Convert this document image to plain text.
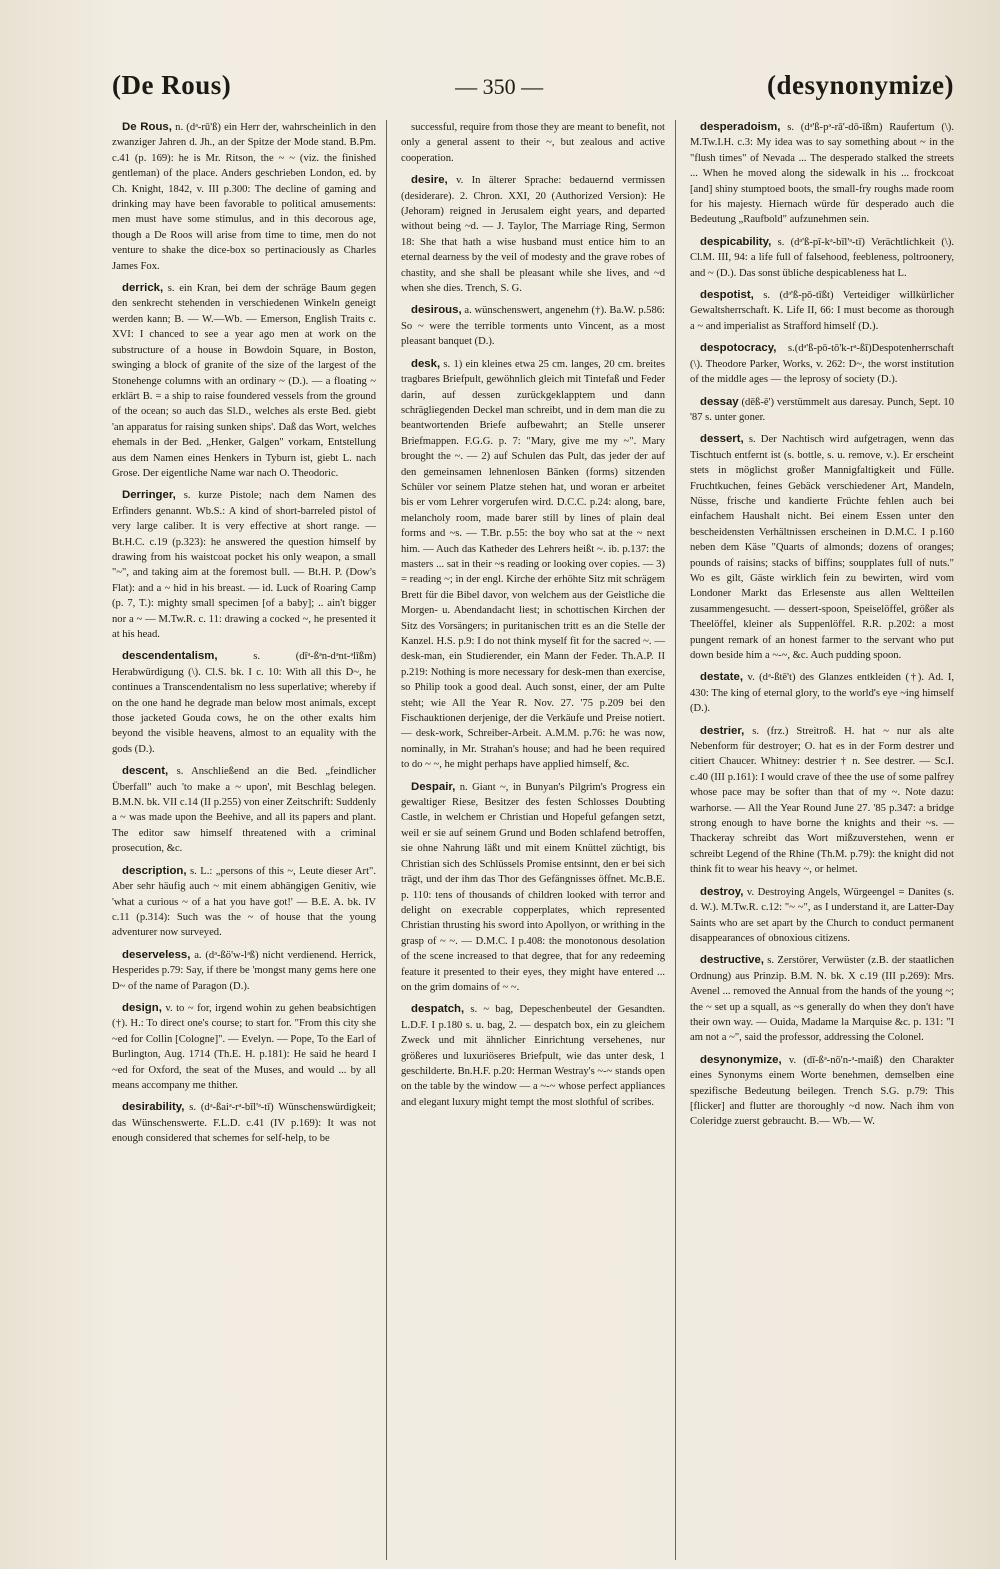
(De Rous)	— 350 —	(desynonymize)

De Rous, n. (dᵊ-rū'ß) ein Herr der, wahrscheinlich in den zwanziger Jahren d. Jh., an der Spitze der Mode stand. B.Pm. c.41 (p. 169): he is Mr. Ritson, the ~ ~ (viz. the finished gentleman) of the place. Anders geschrieben London, ed. by Ch. Knight, 1842, v. III p.300: The decline of gaming and drinking may have been favorable to political amusements: men must have some stimulus, and in this decorous age, though a De Roos will arise from time to time, men do not venture to shake the dice-box so pertinaciously as Charles James Fox.

derrick, s. ein Kran, bei dem der schräge Baum gegen den senkrecht stehenden in verschiedenen Winkeln geneigt werden kann; B. — W.—Wb. — Emerson, English Traits c. XVI: I chanced to see a year ago men at work on the substructure of a house in Bowdoin Square, in Boston, swinging a block of granite of the size of the largest of the Stonehenge columns with an ordinary ~ (D.). — a floating ~ erklärt B. = a ship to raise foundered vessels from the ground of the ocean; so auch das Sl.D., welches als erste Bed. giebt 'an apparatus for raising sunken ships'. Daß das Wort, welches ehemals in der Bed. „Henker, Galgen" vorkam, Entstellung aus dem Namen eines Henkers in Tyburn ist, giebt L. nach Grose. Der eigentliche Name war nach O. Theodoric.

Derringer, s. kurze Pistole; nach dem Namen des Erfinders genannt. Wb.S.: A kind of short-barreled pistol of very large caliber. It is very effective at short range. — Bt.H.C. c.19 (p.323): he answered the question himself by drawing from his waistcoat pocket his only weapon, a small "~", and taking aim at the foremost bull. — Bt.H. P. (Dow's Flat): and a ~ hid in his breast. — id. Luck of Roaring Camp (p. 7, T.): mighty small specimen [of a baby]; .. ain't bigger nor a ~ — M.Tw.R. c. 11: drawing a cocked ~, he presented it at his head.

descendentalism, s. (dīᵊ-ßᵊn-dᵊnt-ᵊlīßm) Herabwürdigung (\). Cl.S. bk. I c. 10: With all this D~, he continues a Transcendentalism no less superlative; whereby if on the one hand he degrade man below most animals, except those jacketed Gouda cows, he on the other exalts him beyond the visible heavens, almost to an equality with the gods (D.).

descent, s. Anschließend an die Bed. „feindlicher Überfall" auch 'to make a ~ upon', mit Beschlag belegen. B.M.N. bk. VII c.14 (II p.255) von einer Zeitschrift: Suddenly a ~ was made upon the Beehive, and all its papers and plant. The editor saw himself threatened with a criminal prosecution, &c.

description, s. L.: „persons of this ~, Leute dieser Art". Aber sehr häufig auch ~ mit einem abhängigen Genitiv, wie 'what a curious ~ of a hat you have got!' — B.E. A. bk. IV c.11 (p.314): Such was the ~ of house that the young adventurer now surveyed.

deserveless, a. (dᵊ-ßö'w-lᵊß) nicht verdienend. Herrick, Hesperides p.79: Say, if there be 'mongst many gems here one D~ of the name of Paragon (D.).

design, v. to ~ for, irgend wohin zu gehen beabsichtigen (†). H.: To direct one's course; to start for. "From this city she ~ed for Collin [Cologne]". — Evelyn. — Pope, To the Earl of Burlington, Aug. 1714 (Th.E. H. p.181): He said he heard I ~ed for Oxford, the seat of the Muses, and would ... by all means accompany me thither.

desirability, s. (dᵊ-ßaiᵊ-rᵊ-bīl'ᵊ-tī) Wünschenswürdigkeit; das Wünschenswerte. F.L.D. c.41 (IV p.169): It was not enough considered that schemes for self-help, to be

successful, require from those they are meant to benefit, not only a general assent to their ~, but zealous and active cooperation.

desire, v. In älterer Sprache: bedauernd vermissen (desiderare). 2. Chron. XXI, 20 (Authorized Version): He (Jehoram) reigned in Jerusalem eight years, and departed without being ~d. — J. Taylor, The Marriage Ring, Sermon 18: She that hath a wise husband must entice him to an eternal dearness by the veil of modesty and the grave robes of chastity, and she shall be pleasant while she lives, and ~d when she dies. Trench, S. G.

desirous, a. wünschenswert, angenehm (†). Ba.W. p.586: So ~ were the terrible torments unto Vincent, as a most pleasant banquet (D.).

desk, s. 1) ein kleines etwa 25 cm. langes, 20 cm. breites tragbares Briefpult, gewöhnlich gleich mit Tintefaß und Feder darin, auf dessen zurückgeklapptem und dann schrägliegenden Deckel man schreibt, und in dem man die zu beantwortenden Briefe aufbewahrt; an Stelle unserer Briefmappen. F.G.G. p. 7: "Mary, give me my ~". Mary brought the ~. — 2) auf Schulen das Pult, das jeder der auf den gemeinsamen lehnenlosen Bänken (forms) sitzenden Schüler vor seinem Platze stehen hat, und woran er arbeitet bis er vom Lehrer vorgerufen wird. D.C.C. p.24: along, bare, melancholy room, made barer still by lines of plain deal forms and ~s. — T.Br. p.55: the boy who sat at the ~ next him. — Auch das Katheder des Lehrers heißt ~. ib. p.137: the masters ... sat in their ~s reading or looking over copies. — 3) = reading ~; in der engl. Kirche der erhöhte Sitz mit schrägem Brett für die Bibel davor, von welchem aus der Geistliche die Morgen- u. Abendandacht liest; in schottischen Kirchen der Sitz des Vorsängers; in puritanischen tritt es an die Stelle der Kanzel. H.S. p.9: I do not think myself fit for the sacred ~. — desk-man, ein Studierender, ein Mann der Feder. Th.A.P. II p.219: Nothing is more necessary for desk-men than exercise, so Philip took a good deal. Auch sonst, einer, der am Pulte steht; wie All the Year R. Nov. 27. '75 p.209 bei den Fischauktionen derjenige, der die Verkäufe und Preise notiert. — desk-work, Schreiber-Arbeit. A.M.M. p.76: he was now, nominally, in Mr. Strahan's house; and had he been required to do ~ ~, he might perhaps have applied himself, &c.

Despair, n. Giant ~, in Bunyan's Pilgrim's Progress ein gewaltiger Riese, Besitzer des festen Schlosses Doubting Castle, in welchem er Christian und Hopeful gefangen setzt, weil er sie auf seinem Grund und Boden schlafend betroffen, sie ohne Nahrung läßt und mit einem Knüttel züchtigt, bis Christian sich des Schlüssels Promise entsinnt, den er bei sich trägt, und der ihm das Thor des Gefängnisses öffnet. Mc.B.E. p. 110: tens of thousands of children looked with terror and delight on execrable copperplates, which represented Christian thrusting his sword into Apollyon, or writhing in the grasp of ~ ~. — D.M.C. I p.408: the monotonous desolation of the scene increased to that degree, that for any redeeming feature it presented to their eyes, they might have entered ... on the grim domains of ~ ~.

despatch, s. ~ bag, Depeschenbeutel der Gesandten. L.D.F. I p.180 s. u. bag, 2. — despatch box, ein zu gleichem Zweck und mit ähnlicher Einrichtung versehenes, nur größeres und luxuriöseres Briefpult, wie das unter desk, 1 geschilderte. Bn.H.F. p.20: Herman Westray's ~-~ stands open on the table by the window — a ~-~ whose perfect appliances and elegant luxury might tempt the most slothful of scribes.

desperadoism, s. (dᵊ'ß-pᵊ-rā'-dō-īßm) Raufertum (\). M.Tw.I.H. c.3: My idea was to say something about ~ in the "flush times" of Nevada ... The desperado stalked the streets ... When he moved along the sidewalk in his ... frockcoat [and] shiny stumptoed boots, the small-fry roughs made room for his majesty. Hiernach würde für desperado auch die Bedeutung „Raufbold" aufzunehmen sein.

despicability, s. (dᵊ'ß-pī-kᵊ-bīl'ᵊ-tī) Verächtlichkeit (\). Cl.M. III, 94: a life full of falsehood, feebleness, poltroonery, and ~ (D.). Das sonst übliche despicableness hat L.

despotist, s. (dᵊ'ß-pō-tīßt) Verteidiger willkürlicher Gewaltsherrschaft. K. Life II, 66: I must become as thorough a ~ and imperialist as Strafford himself (D.).

despotocracy, s.(dᵊ'ß-pō-tō'k-rᵊ-ßī)Despotenherrschaft (\). Theodore Parker, Works, v. 262: D~, the worst institution of the middle ages — the leprosy of society (D.).

dessay (dēß-ē') verstümmelt aus daresay. Punch, Sept. 10 '87 s. unter goner.

dessert, s. Der Nachtisch wird aufgetragen, wenn das Tischtuch entfernt ist (s. bottle, s. u. remove, v.). Er erscheint stets in möglichst großer Mannigfaltigkeit und Fülle. Fruchtkuchen, feines Gebäck verschiedener Art, Mandeln, Nüsse, frische und kandierte Früchte fehlen auch bei einfachem Haushalt nicht. Bei einem Essen unter den bescheidensten Verhältnissen erscheinen in D.M.C. I p.160 neben dem Käse "Quarts of almonds; dozens of oranges; pounds of raisins; stacks of biffins; soupplates full of nuts." Wo es gilt, Gäste wirklich fein zu bewirten, wird vom Londoner Markt das Erlesenste aus allen Weltteilen zusammengesucht. — dessert-spoon, Speiselöffel, größer als Theelöffel, kleiner als Suppenlöffel. R.R. p.202: a most pungent remark of an honest farmer to the servant who put down beside him a ~-~, &c. Auch pudding spoon.

destate, v. (dᵊ-ßtē't) des Glanzes entkleiden (†). Ad. I, 430: The king of eternal glory, to the world's eye ~ing himself (D.).

destrier, s. (frz.) Streitroß. H. hat ~ nur als alte Nebenform für destroyer; O. hat es in der Form destrer und citiert Chaucer. Whitney: destrier † n. See destrer. — Sc.I. c.40 (III p.161): I would crave of thee the use of some palfrey whose pace may be softer than that of my ~. Note dazu: warhorse. — All the Year Round June 27. '85 p.347: a bridge strong enough to have borne the knights and their ~s. — Thackeray schreibt das Wort mißzuverstehen, wenn er schreibt Legend of the Rhine (Th.M. p.79): the knight did not think fit to wear his heavy ~, or helmet.

destroy, v. Destroying Angels, Würgeengel = Danites (s. d. W.). M.Tw.R. c.12: "~ ~", as I understand it, are Latter-Day Saints who are set apart by the Church to conduct permanent disappearances of obnoxious citizens.

destructive, s. Zerstörer, Verwüster (z.B. der staatlichen Ordnung) aus Prinzip. B.M. N. bk. X c.19 (III p.269): Mrs. Avenel ... removed the Annual from the hands of the young ~; the ~ set up a squall, as ~s generally do when they don't have their own way. — Ouida, Madame la Marquise &c. p. 131: "I am not a ~", said the professor, addressing the Colonel.

desynonymize, v. (dī-ßᵊ-nō'n-ᵊ-maiß) den Charakter eines Synonyms einem Worte benehmen, demselben eine spezifische Bedeutung beilegen. Trench S.G. p.79: This [flicker] and flutter are thoroughly ~d now. Nach ihm von Coleridge zuerst gebraucht. B.— Wb.— W.
